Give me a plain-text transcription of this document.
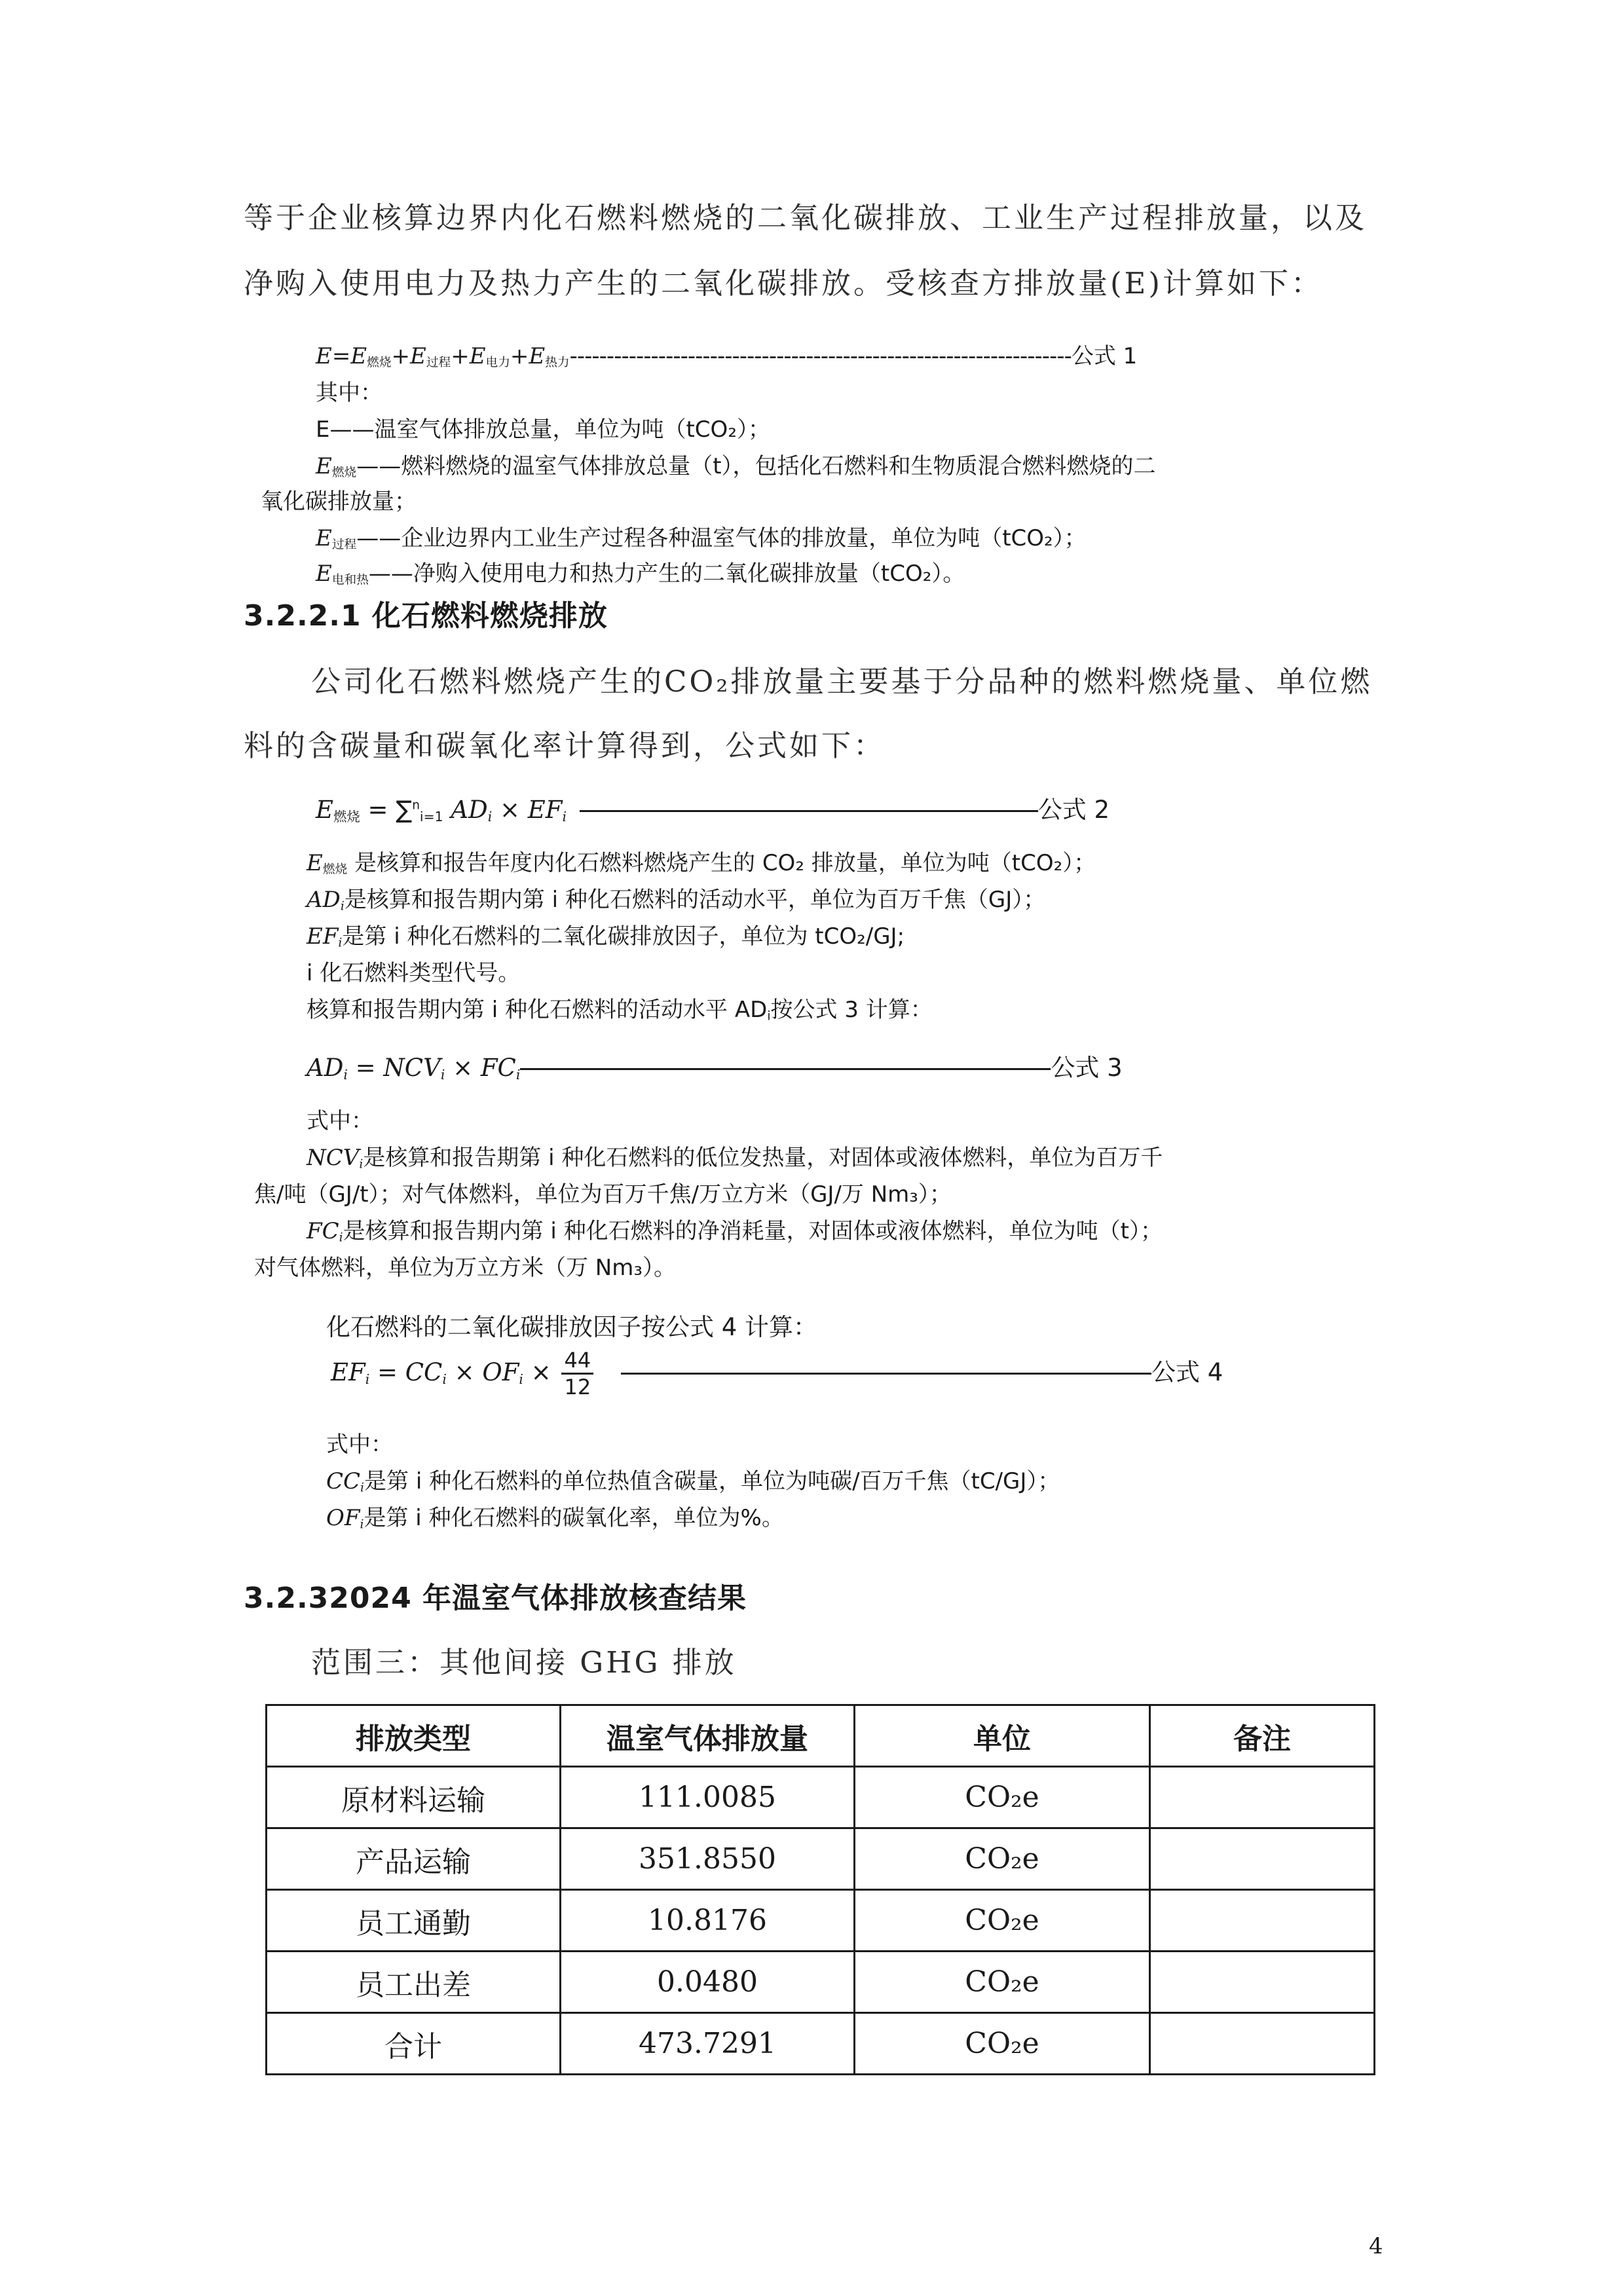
等于企业核算边界内化石燃料燃烧的二氧化碳排放、工业生产过程排放量，以及
净购入使用电力及热力产生的二氧化碳排放。受核查方排放量(E)计算如下：
$E=E_{燃烧}+E_{过程}+E_{电力}+E_{热力}--------------------------------------------------------------------$公式 1
其中：
E——温室气体排放总量，单位为吨（tCO₂）；
$E_{燃烧}——$燃料燃烧的温室气体排放总量（t），包括化石燃料和生物质混合燃料燃烧的二
氧化碳排放量；
$E_{过程}——$企业边界内工业生产过程各种温室气体的排放量，单位为吨（tCO₂）；
$E_{电和热}——$净购入使用电力和热力产生的二氧化碳排放量（tCO₂）。
3.2.2.1 化石燃料燃烧排放
公司化石燃料燃烧产生的CO₂排放量主要基于分品种的燃料燃烧量、单位燃
料的含碳量和碳氧化率计算得到，公式如下：
$E_{燃烧} = \sum^n_{i=1}$ $AD_i \times EF_i$	公式 2
$E_{燃烧}$ 是核算和报告年度内化石燃料燃烧产生的 CO₂ 排放量，单位为吨（tCO₂）；
$AD_i$是核算和报告期内第 i 种化石燃料的活动水平，单位为百万千焦（GJ）；
$EF_i$是第 i 种化石燃料的二氧化碳排放因子，单位为 tCO₂/GJ;
i 化石燃料类型代号。
核算和报告期内第 i 种化石燃料的活动水平 $AD_i$按公式 3 计算：
$AD_i = NCV_i \times FC_i$	公式 3
式中：
$NCV_i$是核算和报告期第 i 种化石燃料的低位发热量，对固体或液体燃料，单位为百万千
焦/吨（GJ/t）；对气体燃料，单位为百万千焦/万立方米（GJ/万 Nm₃）；
$FC_i$是核算和报告期内第 i 种化石燃料的净消耗量，对固体或液体燃料，单位为吨（t）；
对气体燃料，单位为万立方米（万 Nm₃）。
化石燃料的二氧化碳排放因子按公式 4 计算：
$EF_i = CC_i \times OF_i \times \frac{44}{12}$	公式 4
式中：
$CC_i$是第 i 种化石燃料的单位热值含碳量，单位为吨碳/百万千焦（tC/GJ）；
$OF_i$是第 i 种化石燃料的碳氧化率，单位为%。
3.2.32024 年温室气体排放核查结果
范围三：其他间接 GHG 排放
排放类型	温室气体排放量	单位	备注
原材料运输	111.0085	CO₂e	
产品运输	351.8550	CO₂e	
员工通勤	10.8176	CO₂e	
员工出差	0.0480	CO₂e	
合计	473.7291	CO₂e	
4
